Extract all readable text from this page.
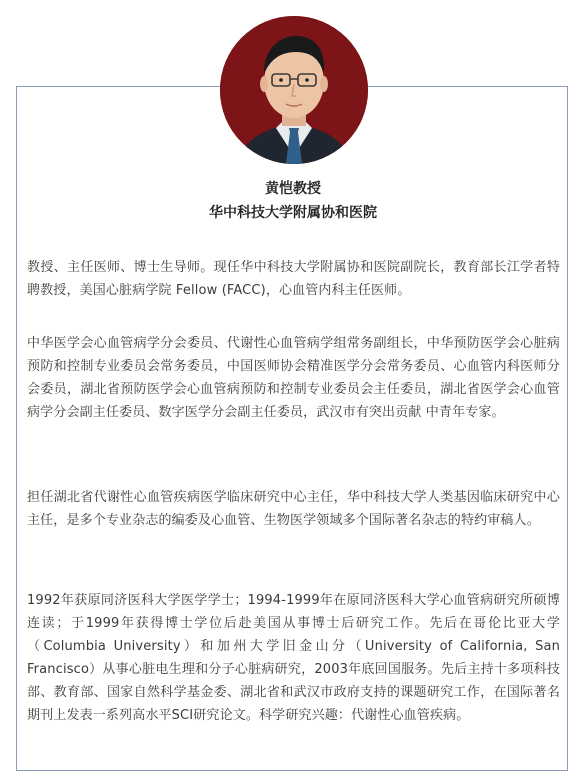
黄恺教授
华中科技大学附属协和医院
教授、主任医师、博士生导师。现任华中科技大学附属协和医院副院长，教育部长江学者特聘教授，美国心脏病学院 Fellow (FACC)，心血管内科主任医师。
中华医学会心血管病学分会委员、代谢性心血管病学组常务副组长，中华预防医学会心脏病预防和控制专业委员会常务委员，中国医师协会精准医学分会常务委员、心血管内科医师分会委员，湖北省预防医学会心血管病预防和控制专业委员会主任委员，湖北省医学会心血管病学分会副主任委员、数字医学分会副主任委员，武汉市有突出贡献 中青年专家。
担任湖北省代谢性心血管疾病医学临床研究中心主任，华中科技大学人类基因临床研究中心主任，是多个专业杂志的编委及心血管、生物医学领域多个国际著名杂志的特约审稿人。
1992年获原同济医科大学医学学士；1994-1999年在原同济医科大学心血管病研究所硕博连读；于1999年获得博士学位后赴美国从事博士后研究工作。先后在哥伦比亚大学（Columbia University）和加州大学旧金山分（University of California, San Francisco）从事心脏电生理和分子心脏病研究，2003年底回国服务。先后主持十多项科技部、教育部、国家自然科学基金委、湖北省和武汉市政府支持的课题研究工作，在国际著名期刊上发表一系列高水平SCI研究论文。科学研究兴趣：代谢性心血管疾病。
